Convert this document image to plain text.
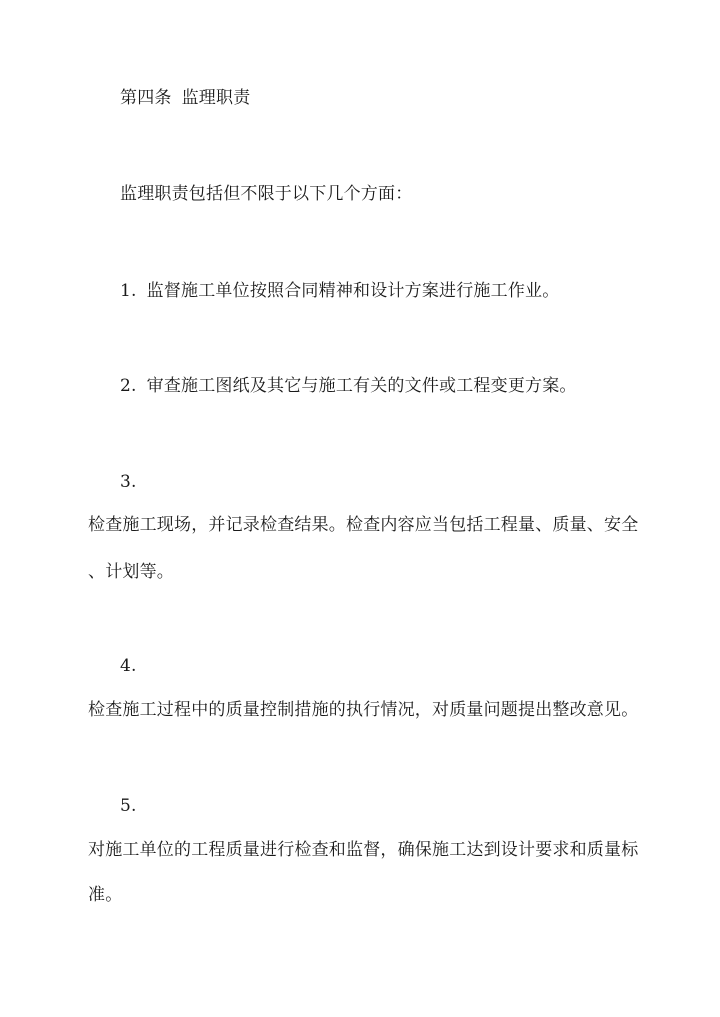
第四条 监理职责
监理职责包括但不限于以下几个方面：
1. 监督施工单位按照合同精神和设计方案进行施工作业。
2. 审查施工图纸及其它与施工有关的文件或工程变更方案。
3.
检查施工现场，并记录检查结果。检查内容应当包括工程量、质量、安全
、计划等。
4.
检查施工过程中的质量控制措施的执行情况，对质量问题提出整改意见。
5.
对施工单位的工程质量进行检查和监督，确保施工达到设计要求和质量标
准。
